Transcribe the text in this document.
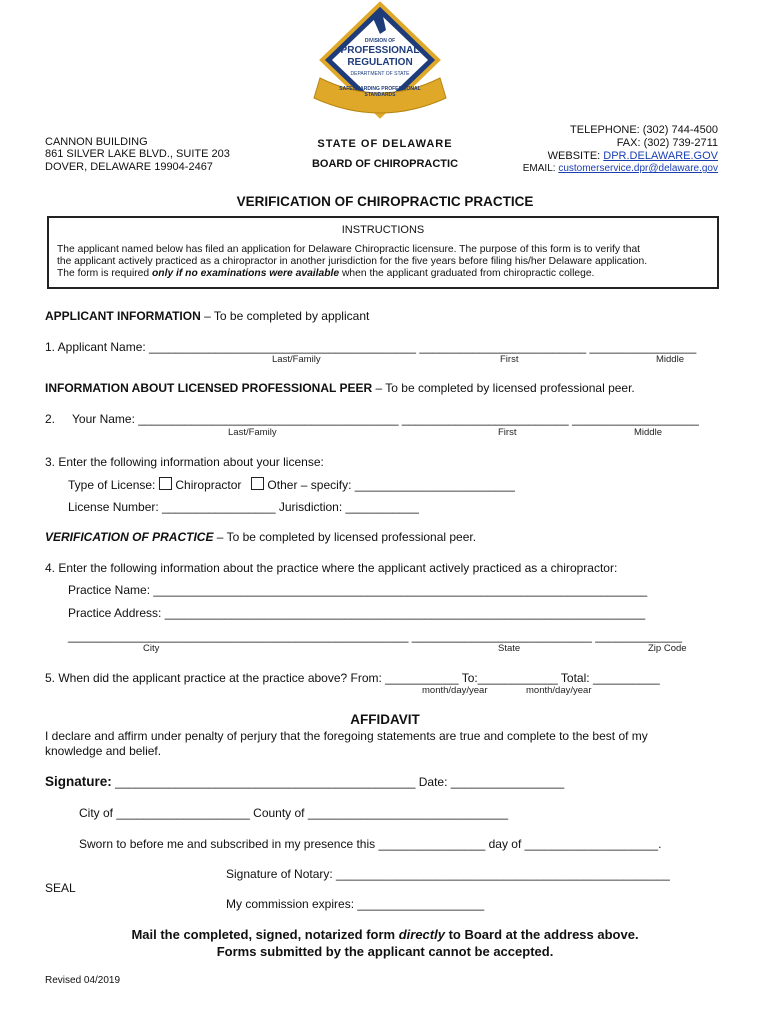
DIVISION OF
PROFESSIONAL
REGULATION
DEPARTMENT OF STATE
SAFEGUARDING PROFESSIONAL STANDARDS
CANNON BUILDING
861 SILVER LAKE BLVD., SUITE 203
DOVER, DELAWARE 19904-2467
STATE OF DELAWARE
BOARD OF CHIROPRACTIC
TELEPHONE: (302) 744-4500
FAX: (302) 739-2711
WEBSITE: DPR.DELAWARE.GOV
EMAIL: customerservice.dpr@delaware.gov
VERIFICATION OF CHIROPRACTIC PRACTICE
INSTRUCTIONS
The applicant named below has filed an application for Delaware Chiropractic licensure. The purpose of this form is to verify that
the applicant actively practiced as a chiropractor in another jurisdiction for the five years before filing his/her Delaware application.
The form is required only if no examinations were available when the applicant graduated from chiropractic college.
APPLICANT INFORMATION – To be completed by applicant
1. Applicant Name: ________________________________________ _________________________ ________________
Last/Family	First	Middle
INFORMATION ABOUT LICENSED PROFESSIONAL PEER – To be completed by licensed professional peer.
2. Your Name: _______________________________________ _________________________ ___________________
Last/Family	First	Middle
3. Enter the following information about your license:
Type of License: Chiropractor Other – specify: ________________________
License Number: _________________ Jurisdiction: ___________
VERIFICATION OF PRACTICE – To be completed by licensed professional peer.
4. Enter the following information about the practice where the applicant actively practiced as a chiropractor:
Practice Name: __________________________________________________________________________
Practice Address: ________________________________________________________________________
___________________________________________________ ___________________________ _____________
City	State	Zip Code
5. When did the applicant practice at the practice above? From: ___________ To:____________ Total: __________
month/day/year	month/day/year
AFFIDAVIT
I declare and affirm under penalty of perjury that the foregoing statements are true and complete to the best of my
knowledge and belief.
Signature: _____________________________________________ Date: _________________
City of ____________________ County of ______________________________
Sworn to before me and subscribed in my presence this ________________ day of ____________________.
Signature of Notary: __________________________________________________
SEAL
My commission expires: ___________________
Mail the completed, signed, notarized form directly to Board at the address above.
Forms submitted by the applicant cannot be accepted.
Revised 04/2019
